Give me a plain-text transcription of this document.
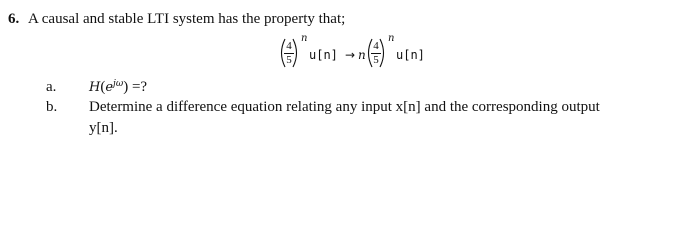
6. A causal and stable LTI system has the property that;
4
5
n
u[n] → n
4
5
n
u[n]
a.	$H(e^{j\omega})$ =?
b. Determine a difference equation relating any input x[n] and the corresponding output
y[n].
